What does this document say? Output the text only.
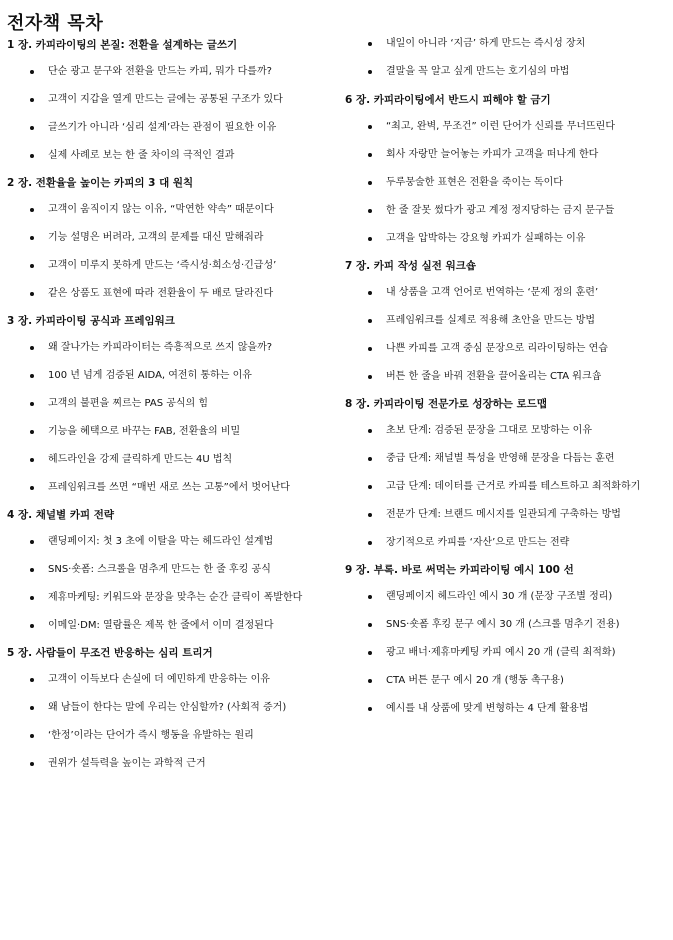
전자책 목차
1 장. 카피라이팅의 본질: 전환을 설계하는 글쓰기
단순 광고 문구와 전환을 만드는 카피, 뭐가 다를까?
고객이 지갑을 열게 만드는 글에는 공통된 구조가 있다
글쓰기가 아니라 ‘심리 설계’라는 관점이 필요한 이유
실제 사례로 보는 한 줄 차이의 극적인 결과
2 장. 전환율을 높이는 카피의 3 대 원칙
고객이 움직이지 않는 이유, “막연한 약속” 때문이다
기능 설명은 버려라, 고객의 문제를 대신 말해줘라
고객이 미루지 못하게 만드는 ‘즉시성·희소성·긴급성’
같은 상품도 표현에 따라 전환율이 두 배로 달라진다
3 장. 카피라이팅 공식과 프레임워크
왜 잘나가는 카피라이터는 즉흥적으로 쓰지 않을까?
100 년 넘게 검증된 AIDA, 여전히 통하는 이유
고객의 불편을 찌르는 PAS 공식의 힘
기능을 혜택으로 바꾸는 FAB, 전환율의 비밀
헤드라인을 강제 클릭하게 만드는 4U 법칙
프레임워크를 쓰면 “매번 새로 쓰는 고통”에서 벗어난다
4 장. 채널별 카피 전략
랜딩페이지: 첫 3 초에 이탈을 막는 헤드라인 설계법
SNS·숏폼: 스크롤을 멈추게 만드는 한 줄 후킹 공식
제휴마케팅: 키워드와 문장을 맞추는 순간 클릭이 폭발한다
이메일·DM: 열람률은 제목 한 줄에서 이미 결정된다
5 장. 사람들이 무조건 반응하는 심리 트리거
고객이 이득보다 손실에 더 예민하게 반응하는 이유
왜 남들이 한다는 말에 우리는 안심할까? (사회적 증거)
‘한정’이라는 단어가 즉시 행동을 유발하는 원리
권위가 설득력을 높이는 과학적 근거
내일이 아니라 ‘지금’ 하게 만드는 즉시성 장치
결말을 꼭 알고 싶게 만드는 호기심의 마법
6 장. 카피라이팅에서 반드시 피해야 할 금기
“최고, 완벽, 무조건” 이런 단어가 신뢰를 무너뜨린다
회사 자랑만 늘어놓는 카피가 고객을 떠나게 한다
두루뭉술한 표현은 전환을 죽이는 독이다
한 줄 잘못 썼다가 광고 계정 정지당하는 금지 문구들
고객을 압박하는 강요형 카피가 실패하는 이유
7 장. 카피 작성 실전 워크숍
내 상품을 고객 언어로 번역하는 ‘문제 정의 훈련’
프레임워크를 실제로 적용해 초안을 만드는 방법
나쁜 카피를 고객 중심 문장으로 리라이팅하는 연습
버튼 한 줄을 바꿔 전환을 끌어올리는 CTA 워크숍
8 장. 카피라이팅 전문가로 성장하는 로드맵
초보 단계: 검증된 문장을 그대로 모방하는 이유
중급 단계: 채널별 특성을 반영해 문장을 다듬는 훈련
고급 단계: 데이터를 근거로 카피를 테스트하고 최적화하기
전문가 단계: 브랜드 메시지를 일관되게 구축하는 방법
장기적으로 카피를 ‘자산’으로 만드는 전략
9 장. 부록. 바로 써먹는 카피라이팅 예시 100 선
랜딩페이지 헤드라인 예시 30 개 (문장 구조별 정리)
SNS·숏폼 후킹 문구 예시 30 개 (스크롤 멈추기 전용)
광고 배너·제휴마케팅 카피 예시 20 개 (클릭 최적화)
CTA 버튼 문구 예시 20 개 (행동 촉구용)
예시를 내 상품에 맞게 변형하는 4 단계 활용법
